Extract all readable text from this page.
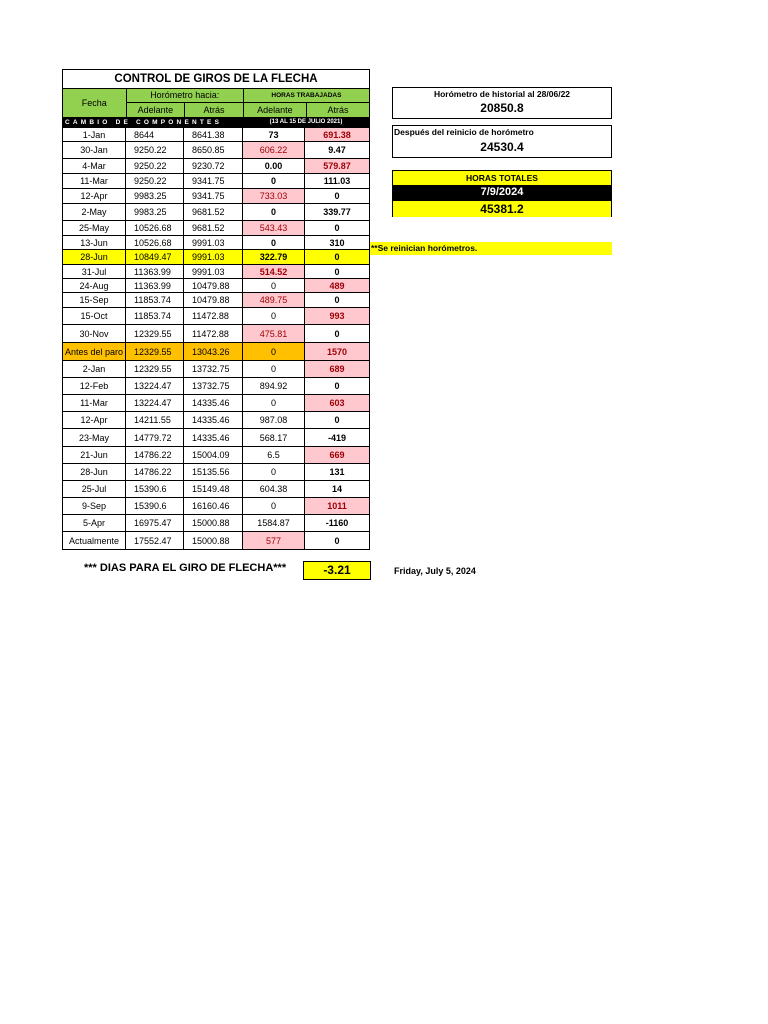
CONTROL DE GIROS DE LA FLECHA
Fecha
Horómetro hacia:
Adelante	Atrás
HORAS TRABAJADAS
Adelante	Atrás
CAMBIO DE COMPONENTES	(13 AL 15 DE JULIO 2021)
1-Jan	8644	8641.38	73	691.38
30-Jan	9250.22	8650.85	606.22	9.47
4-Mar	9250.22	9230.72	0.00	579.87
11-Mar	9250.22	9341.75	0	111.03
12-Apr	9983.25	9341.75	733.03	0
2-May	9983.25	9681.52	0	339.77
25-May	10526.68	9681.52	543.43	0
13-Jun	10526.68	9991.03	0	310
28-Jun	10849.47	9991.03	322.79	0
31-Jul	11363.99	9991.03	514.52	0
24-Aug	11363.99	10479.88	0	489
15-Sep	11853.74	10479.88	489.75	0
15-Oct	11853.74	11472.88	0	993
30-Nov	12329.55	11472.88	475.81	0
Antes del paro	12329.55	13043.26	0	1570
2-Jan	12329.55	13732.75	0	689
12-Feb	13224.47	13732.75	894.92	0
11-Mar	13224.47	14335.46	0	603
12-Apr	14211.55	14335.46	987.08	0
23-May	14779.72	14335.46	568.17	-419
21-Jun	14786.22	15004.09	6.5	669
28-Jun	14786.22	15135.56	0	131
25-Jul	15390.6	15149.48	604.38	14
9-Sep	15390.6	16160.46	0	1011
5-Apr	16975.47	15000.88	1584.87	-1160
Actualmente	17552.47	15000.88	577	0
Horómetro de historial al 28/06/22
20850.8
Después del reinicio de horómetro
24530.4
HORAS TOTALES
7/9/2024
45381.2
**Se reinician horómetros.
*** DIAS PARA EL GIRO DE FLECHA***	-3.21	Friday, July 5, 2024
